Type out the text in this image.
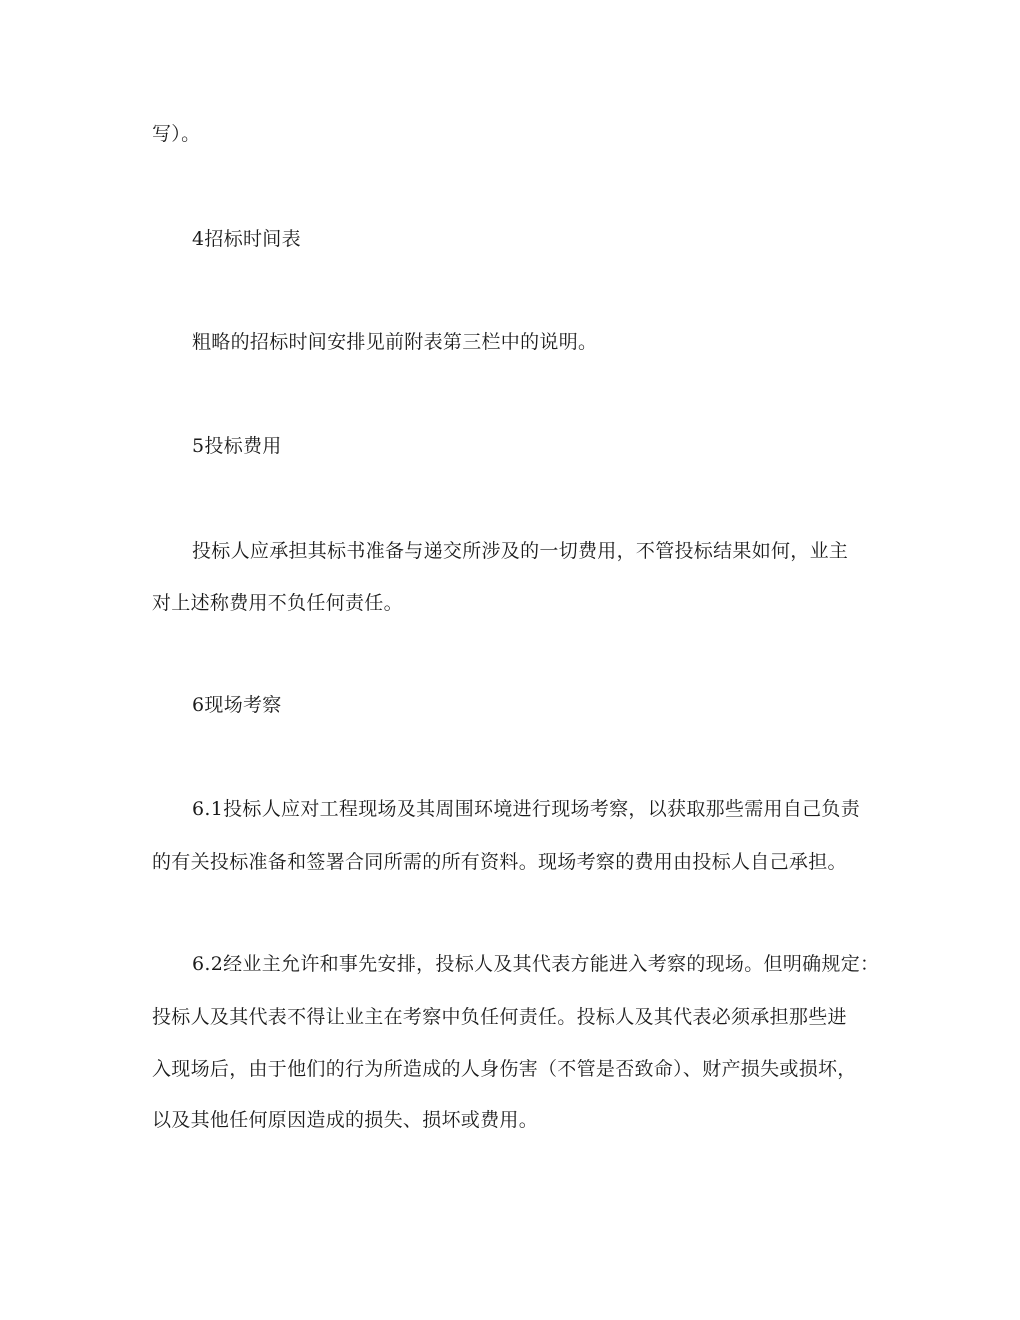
写）。
4招标时间表
粗略的招标时间安排见前附表第三栏中的说明。
5投标费用
投标人应承担其标书准备与递交所涉及的一切费用，不管投标结果如何，业主
对上述称费用不负任何责任。
6现场考察
6.1投标人应对工程现场及其周围环境进行现场考察，以获取那些需用自己负责
的有关投标准备和签署合同所需的所有资料。现场考察的费用由投标人自己承担。
6.2经业主允许和事先安排，投标人及其代表方能进入考察的现场。但明确规定：
投标人及其代表不得让业主在考察中负任何责任。投标人及其代表必须承担那些进
入现场后，由于他们的行为所造成的人身伤害（不管是否致命）、财产损失或损坏，
以及其他任何原因造成的损失、损坏或费用。
